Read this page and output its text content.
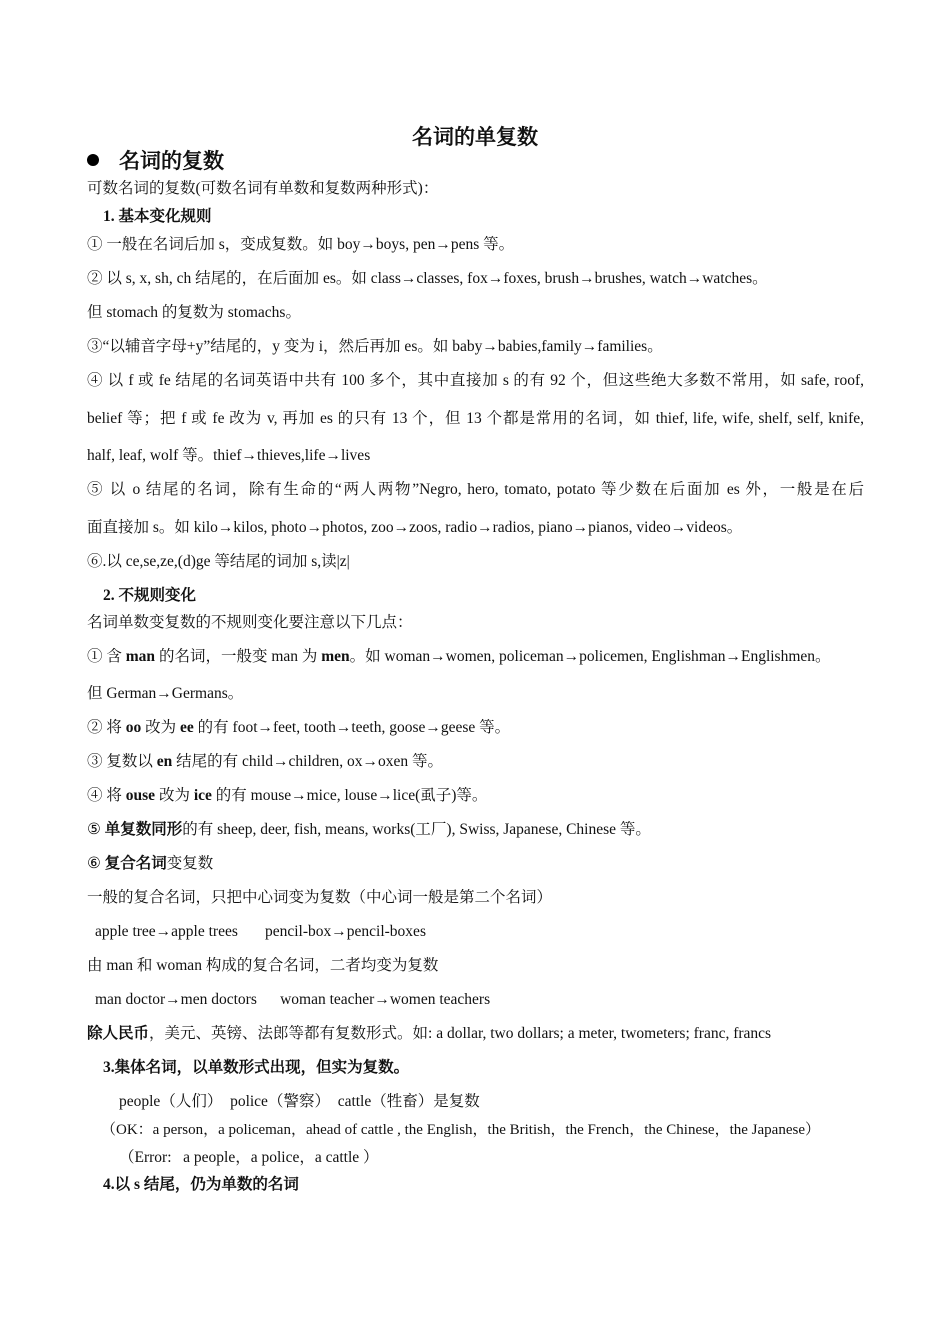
名词的单复数
名词的复数
可数名词的复数(可数名词有单数和复数两种形式)：
1. 基本变化规则
① 一般在名词后加 s，变成复数。如 boy→boys, pen→pens 等。
② 以 s, x, sh, ch 结尾的，在后面加 es。如 class→classes, fox→foxes, brush→brushes, watch→watches。
但 stomach 的复数为 stomachs。
③“以辅音字母+y”结尾的，y 变为 i，然后再加 es。如 baby→babies,family→families。
④ 以 f 或 fe 结尾的名词英语中共有 100 多个，其中直接加 s 的有 92 个，但这些绝大多数不常用，如 safe, roof,
belief 等；把 f 或 fe 改为 v, 再加 es 的只有 13 个，但 13 个都是常用的名词，如 thief, life, wife, shelf, self, knife,
half, leaf, wolf 等。thief→thieves,life→lives
⑤ 以 o 结尾的名词，除有生命的“两人两物”Negro, hero, tomato, potato 等少数在后面加 es 外，一般是在后
面直接加 s。如 kilo→kilos, photo→photos, zoo→zoos, radio→radios, piano→pianos, video→videos。
⑥.以 ce,se,ze,(d)ge 等结尾的词加 s,读|z|
2. 不规则变化
名词单数变复数的不规则变化要注意以下几点：
① 含 man 的名词，一般变 man 为 men。如 woman→women, policeman→policemen, Englishman→Englishmen。
但 German→Germans。
② 将 oo 改为 ee 的有 foot→feet, tooth→teeth, goose→geese 等。
③ 复数以 en 结尾的有 child→children, ox→oxen 等。
④ 将 ouse 改为 ice 的有 mouse→mice, louse→lice(虱子)等。
⑤ 单复数同形的有 sheep, deer, fish, means, works(工厂), Swiss, Japanese, Chinese 等。
⑥ 复合名词变复数
一般的复合名词，只把中心词变为复数（中心词一般是第二个名词）
apple tree→apple trees       pencil-box→pencil-boxes
由 man 和 woman 构成的复合名词，二者均变为复数
man doctor→men doctors      woman teacher→women teachers
除人民币，美元、英镑、法郎等都有复数形式。如: a dollar, two dollars; a meter, twometers; franc, francs
3.集体名词，以单数形式出现，但实为复数。
people（人们）  police（警察）  cattle（牲畜）是复数
（OK：a person，a policeman，ahead of cattle , the English，the British，the French，the Chinese，the Japanese）
（Error:   a people，a police，a cattle ）
4.以 s 结尾，仍为单数的名词
